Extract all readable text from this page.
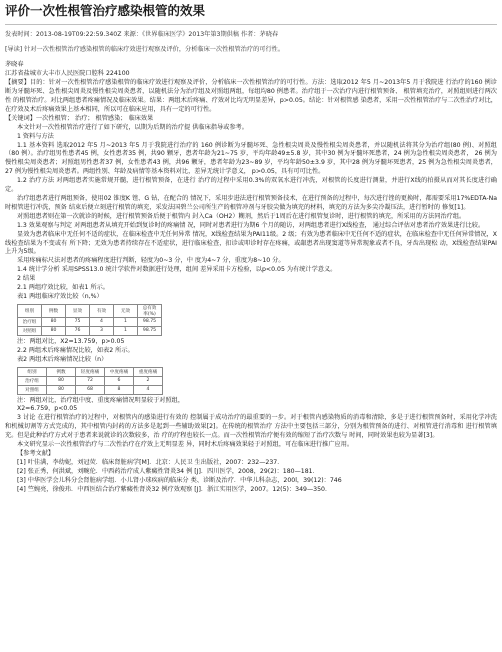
评价一次性根管治疗感染根管的效果

发表时间：2013-08-19T09:22:59.340Z 来源：《世界临床医学》2013年第3期供稿 作者：茅晓春

[导读] 针对一次性根管治疗感染根管的临床疗效进行观察及评价，分析临床一次性根管治疗的可行性。

茅晓春

江苏省盐城市大丰市人民医院口腔科 224100

【摘要】目的：针对一次性根管治疗感染根管的临床疗效进行观察及评价，分析临床一次性根管治疗的可行性。方法：选取2012 年5 月~2013年5 月于我院进 行治疗的160 例诊断为牙髓坏死、急性根尖周炎及慢性根尖周炎患者，以随机法分为治疗组及对照组两组，每组均80 例患者。治疗组于一次治疗内进行根管预备、 根管填充治疗，对照组则进行两次性 的根管治疗。对比两组患者疼痛情况及临床效果。结果：两组术后疼痛、疗效对比均无明显差异，p>0.05。结论：针对根管感 染患者，采用一次性根管治疗与二次性治疗对比，在疗效及术后疼痛效果上基本相同，所以可在临床应用，具有一定的可行性。

【关键词】一次性根管； 治疗； 根管感染； 临床效果

本文针对一次性根管治疗进行了如下研究，以期为后期的治疗提 供临床指导或参考。

1 资料与方法

1.1 基本资料 选取2012 年5 月~2013 年5 月于我院进行治疗的 160 例诊断为牙髓坏死、急性根尖周炎及慢性根尖周炎患者，并以随机法将其分为治疗组(80 例)、对照组（80 例）。治疗组男性患者45 例，女性患者35 例，共90 颗牙，患者年龄为21~75 岁，平均年龄49±5.8 岁，其中30 例为牙髓坏死患者，24 例为急性根尖周炎患者， 26 例为慢性根尖周炎患者；对照组男性患者37 例，女性患者43 例，共96 颗牙，患者年龄为23~89 岁，平均年龄50±3.9 岁，其中28 例为牙髓坏死患者，25 例为急性根尖周炎患者，27 例为慢性根尖周炎患者。两组性别、年龄及病情等基本资料对比，差异无统计学意义， p>0.05，具有可可比性。

1.2 治疗方法 对两组患者实施常规开髓，进行根管预备，在进行 治疗的过程中采用0.3%的双氧水进行冲洗，对根管的长度进行测量，并进行X线的拍摄从而对其长度进行确定。

治疗组患者进行两组预备，使用02 锥度K 锉、G 钻，在配合的 情况下，采用步进法进行根管预备技术，在进行预备的过程中，每次进行锉的更换时，都需要采用17%EDTA-Na 时根管进行冲洗，预备 结束后便立刻进行根管的填充，采发法国碧兰公司所生产的根管冲剂与牙胶尖做为填充的材料，填充的方法为多尖冷凝压法，进行暂时的 修复[1]。

对照组患者则在第一次就诊的时候，进行根管预备后便于根管内 封入Ca（OH2）糊剂，然后于1周后在进行根管复诊时，进行根管的填充，所采用的方法同治疗组。

1.3 效果观察与判定 对两组患者从填充开始到复诊时的疼痛情 况，同时对患者进行为期6 个月的随访，对两组患者进行X线检查， 通过综合评估对患者治疗效果进行比较。

显效为患者临床中无任何不适的症状，在临床检查中无任何异常 情况，X线检查结果为PAI11级。2 级；有效为患者临床中无任何不适的症状，在临床检查中无任何异常情况，X线检查结果为不变或有 所下降；无效为患者持续存在不适症状，进行临床检查，扣诊或叩诊时存在疼痛，或龈患者出现窦道等异常现象或者不良，牙齿出现松 动，X线检查结果PAI 上升为5级。

采用疼痛标尺法对患者的疼痛程度进行判断，轻度为0~3 分，中 度为4~7 分，重度为8~10 分。

1.4 统计学分析 采用SPSS13.0 统计学软件对数据进行处理，组间 差异采用卡方检验，以p<0.05 为有统计学意义。

2 结果

2.1 两组疗效比较，如表1 所示。

表1 两组临床疗效比较（n,%）

组别	例数	显效	有效	无效	总有效率(%)
治疗组	80	75	4	1	98.75
对照组	80	76	3	1	98.75

注：两组对比，X2=13.759，p>0.05

2.2 两组术后疼痛情况比较，如表2 所示。

表2 两组术后疼痛情况比较（n）

组别	例数	轻度疼痛	中度疼痛	重度疼痛
治疗组	80	72	6	2
对照组	80	68	8	4

注：两组对比，治疗组中度、重度疼痛情况明显较于对照组，

X2=6.759，p<0.05

3 讨论 在进行根管治疗的过程中，对根管内的感染进行有效的 控制属于成功治疗的最重要的一步。对于根管内感染物质的消毒和清除，多是于进行根管预备时，采用化学冲洗和机械切割等方式完成的，其中根管内封药的方法多是起到一些辅助效果[2]。在传统的根管治疗 方法中主要包括三部分，分别为根管预备的进行、对根管进行消毒和 进行根管填充。但是此种治疗方式对于患者来说就诊的次数较多，治 疗的疗程也较长一点。而一次性根管治疗便有效的缩短了治疗次数与 时间，同时效果也较为显著[3]。

本文研究显示一次性根管治疗与二次性治疗在疗效上无明显差 异，同时术后疼痛效果轻于对照组，可在临床进行推广应用。

【参考文献】

[1] 叶佳满，李幼妮，刘冠荧．临床肾脏病学[M]．北京：人民卫 生出版社，2007：232—237．

[2] 张正秀，何洪斌，刘畹伦．中西药治疗成人紫癜性肾炎34 例 [J]．四川医学，2008，29(2)：180—181．

[3] 中华医学会儿科分会肾脏病学组．小儿肾小球疾病的临床分 类、诊断及治疗．中华儿科杂志，200l，39(12)：746

[4] 竺婉亮，徐俊玮．中西医结合治疗紫癜性肾炎32 例疗效观察 [J]．浙江实用医学，2007。12(5)：349—350．
